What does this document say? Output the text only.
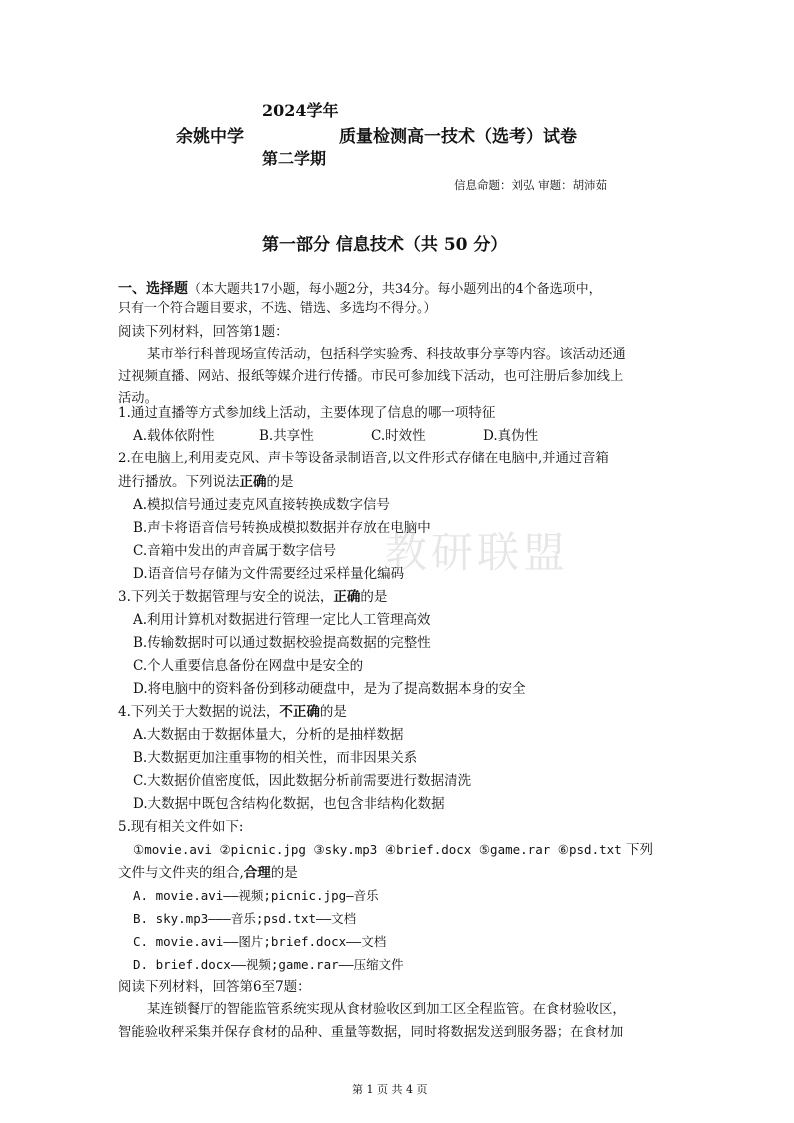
教研联盟
2024学年
余姚中学	质量检测高一技术（选考）试卷
第二学期
信息命题：刘弘 审题：胡沛茹
第一部分 信息技术（共 50 分）
一、选择题（本大题共17小题，每小题2分，共34分。每小题列出的4个备选项中，
只有一个符合题目要求，不选、错选、多选均不得分。）
阅读下列材料，回答第1题：
某市举行科普现场宣传活动，包括科学实验秀、科技故事分享等内容。该活动还通
过视频直播、网站、报纸等媒介进行传播。市民可参加线下活动，也可注册后参加线上
活动。
1.通过直播等方式参加线上活动，主要体现了信息的哪一项特征
A.载体依附性	B.共享性	C.时效性	D.真伪性
2.在电脑上,利用麦克风、声卡等设备录制语音,以文件形式存储在电脑中,并通过音箱
进行播放。下列说法正确的是
A.模拟信号通过麦克风直接转换成数字信号
B.声卡将语音信号转换成模拟数据并存放在电脑中
C.音箱中发出的声音属于数字信号
D.语音信号存储为文件需要经过采样量化编码
3.下列关于数据管理与安全的说法，正确的是
A.利用计算机对数据进行管理一定比人工管理高效
B.传输数据时可以通过数据校验提高数据的完整性
C.个人重要信息备份在网盘中是安全的
D.将电脑中的资料备份到移动硬盘中，是为了提高数据本身的安全
4.下列关于大数据的说法，不正确的是
A.大数据由于数据体量大，分析的是抽样数据
B.大数据更加注重事物的相关性，而非因果关系
C.大数据价值密度低，因此数据分析前需要进行数据清洗
D.大数据中既包含结构化数据，也包含非结构化数据
5.现有相关文件如下:
①movie.avi ②picnic.jpg ③sky.mp3 ④brief.docx ⑤game.rar ⑥psd.txt 下列
文件与文件夹的组合,合理的是
A. movie.avi——视频;picnic.jpg—音乐
B. sky.mp3———音乐;psd.txt——文档
C. movie.avi——图片;brief.docx——文档
D. brief.docx——视频;game.rar——压缩文件
阅读下列材料，回答第6至7题：
某连锁餐厅的智能监管系统实现从食材验收区到加工区全程监管。在食材验收区，
智能验收秤采集并保存食材的品种、重量等数据，同时将数据发送到服务器；在食材加
第 1 页 共 4 页
